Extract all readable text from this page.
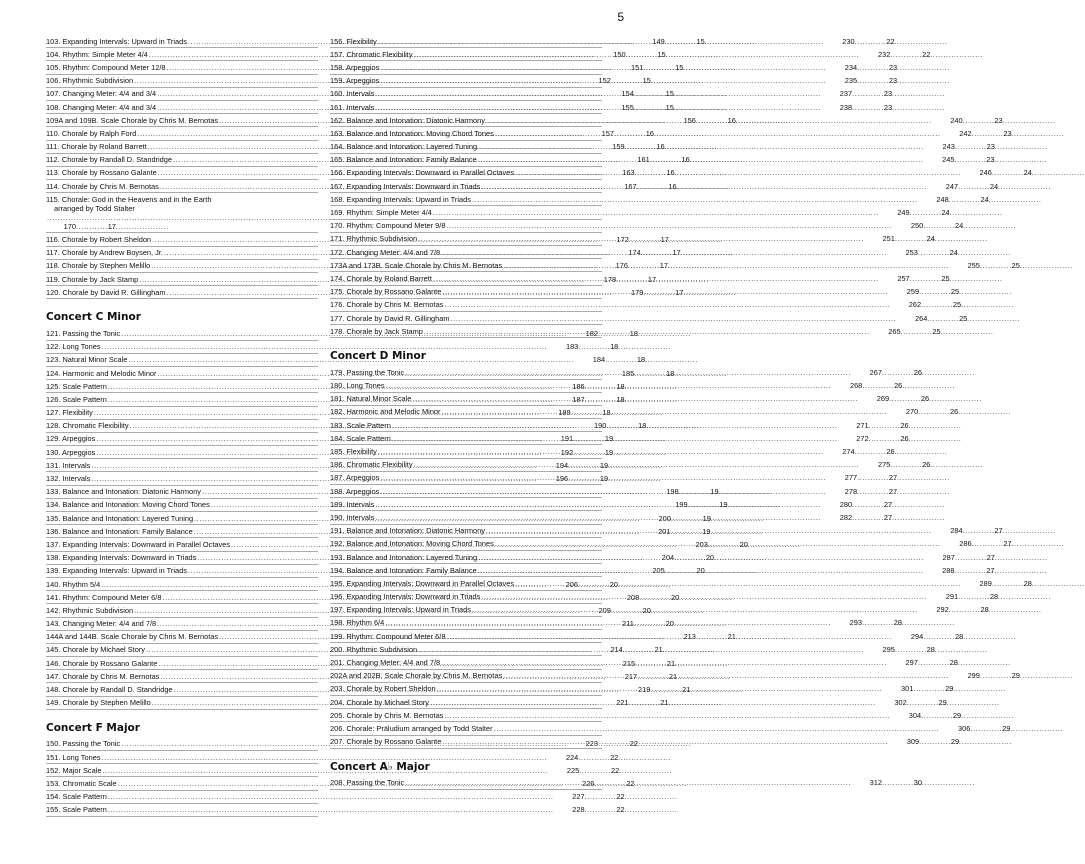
5
103. Expanding Intervals: Upward in Triads .....	149 .....	15
104. Rhythm: Simple Meter 4/4 .....	150 .....	15
105. Rhythm: Compound Meter 12/8 .....	151 .....	15
106. Rhythmic Subdivision .....	152 .....	15
107. Changing Meter: 4/4 and 3/4 .....	154 .....	15
108. Changing Meter: 4/4 and 3/4 .....	155 .....	15
109A and 109B. Scale Chorale by Chris M. Bernotas .....	156 .....	16
110. Chorale by Ralph Ford .....	157 .....	16
111. Chorale by Roland Barrett .....	159 .....	16
112. Chorale by Randall D. Standridge .....	161 .....	16
113. Chorale by Rossano Galante .....	163 .....	16
114. Chorale by Chris M. Bernotas .....	167 .....	16
115. Chorale: God in the Heavens and in the Earth
arranged by Todd Stalter
.....
170 .....	17
116. Chorale by Robert Sheldon .....	172 .....	17
117. Chorale by Andrew Boysen, Jr. .....	174 .....	17
118. Chorale by Stephen Melillo .....	176 .....	17
119. Chorale by Jack Stamp .....	178 .....	17
120. Chorale by David R. Gillingham .....	179 .....	17
Concert C Minor
121. Passing the Tonic .....	182 .....	18
122. Long Tones .....	183 .....	18
123. Natural Minor Scale .....	184 .....	18
124. Harmonic and Melodic Minor .....	185 .....	18
125. Scale Pattern .....	186 .....	18
126. Scale Pattern .....	187 .....	18
127. Flexibility .....	189 .....	18
128. Chromatic Flexibility .....	190 .....	18
129. Arpeggios .....	191 .....	19
130. Arpeggios .....	192 .....	19
131. Intervals .....	194 .....	19
132. Intervals .....	196 .....	19
133. Balance and Intonation: Diatonic Harmony .....	198 .....	19
134. Balance and Intonation: Moving Chord Tones .....	199 .....	19
135. Balance and Intonation: Layered Tuning .....	200 .....	19
136. Balance and Intonation: Family Balance .....	201 .....	19
137. Expanding Intervals: Downward in Parallel Octaves .....	203 .....	20
138. Expanding Intervals: Downward in Triads .....	204 .....	20
139. Expanding Intervals: Upward in Triads .....	205 .....	20
140. Rhythm 5/4 .....	206 .....	20
141. Rhythm: Compound Meter 6/8 .....	208 .....	20
142. Rhythmic Subdivision .....	209 .....	20
143. Changing Meter: 4/4 and 7/8 .....	211 .....	20
144A and 144B. Scale Chorale by Chris M. Bernotas .....	213 .....	21
145. Chorale by Michael Story .....	214 .....	21
146. Chorale by Rossano Galante .....	215 .....	21
147. Chorale by Chris M. Bernotas .....	217 .....	21
148. Chorale by Randall D. Standridge .....	219 .....	21
149. Chorale by Stephen Melillo .....	221 .....	21
Concert F Major
150. Passing the Tonic .....	223 .....	22
151. Long Tones .....	224 .....	22
152. Major Scale .....	225 .....	22
153. Chromatic Scale .....	226 .....	22
154. Scale Pattern .....	227 .....	22
155. Scale Pattern .....	228 .....	22
156. Flexibility .....	230 .....	22
157. Chromatic Flexibility .....	232 .....	22
158. Arpeggios .....	234 .....	23
159. Arpeggios .....	235 .....	23
160. Intervals .....	237 .....	23
161. Intervals .....	238 .....	23
162. Balance and Intonation: Diatonic Harmony .....	240 .....	23
163. Balance and Intonation: Moving Chord Tones .....	242 .....	23
164. Balance and Intonation: Layered Tuning .....	243 .....	23
165. Balance and Intonation: Family Balance .....	245 .....	23
166. Expanding Intervals: Downward in Parallel Octaves .....	246 .....	24
167. Expanding Intervals: Downward in Triads .....	247 .....	24
168. Expanding Intervals: Upward in Triads .....	248 .....	24
169. Rhythm: Simple Meter 4/4 .....	249 .....	24
170. Rhythm: Compound Meter 9/8 .....	250 .....	24
171. Rhythmic Subdivision .....	251 .....	24
172. Changing Meter: 4/4 and 7/8 .....	253 .....	24
173A and 173B. Scale Chorale by Chris M. Bernotas .....	255 .....	25
174. Chorale by Roland Barrett .....	257 .....	25
175. Chorale by Rossano Galante .....	259 .....	25
176. Chorale by Chris M. Bernotas .....	262 .....	25
177. Chorale by David R. Gillingham .....	264 .....	25
178. Chorale by Jack Stamp .....	265 .....	25
Concert D Minor
179. Passing the Tonic .....	267 .....	26
180. Long Tones .....	268 .....	26
181. Natural Minor Scale .....	269 .....	26
182. Harmonic and Melodic Minor .....	270 .....	26
183. Scale Pattern .....	271 .....	26
184. Scale Pattern .....	272 .....	26
185. Flexibility .....	274 .....	26
186. Chromatic Flexibility .....	275 .....	26
187. Arpeggios .....	277 .....	27
188. Arpeggios .....	278 .....	27
189. Intervals .....	280 .....	27
190. Intervals .....	282 .....	27
191. Balance and Intonation: Diatonic Harmony .....	284 .....	27
192. Balance and Intonation: Moving Chord Tones .....	286 .....	27
193. Balance and Intonation: Layered Tuning .....	287 .....	27
194. Balance and Intonation: Family Balance .....	288 .....	27
195. Expanding Intervals: Downward in Parallel Octaves .....	289 .....	28
196. Expanding Intervals: Downward in Triads .....	291 .....	28
197. Expanding Intervals: Upward in Triads .....	292 .....	28
198. Rhythm 6/4 .....	293 .....	28
199. Rhythm: Compound Meter 6/8 .....	294 .....	28
200. Rhythmic Subdivision .....	295 .....	28
201. Changing Meter: 4/4 and 7/8 .....	297 .....	28
202A and 202B. Scale Chorale by Chris M. Bernotas .....	299 .....	29
203. Chorale by Robert Sheldon .....	301 .....	29
204. Chorale by Michael Story .....	302 .....	29
205. Chorale by Chris M. Bernotas .....	304 .....	29
206. Chorale: Präludium arranged by Todd Stalter .....	306 .....	29
207. Chorale by Rossano Galante .....	309 .....	29
Concert A♭ Major
208. Passing the Tonic .....	312 .....	30
